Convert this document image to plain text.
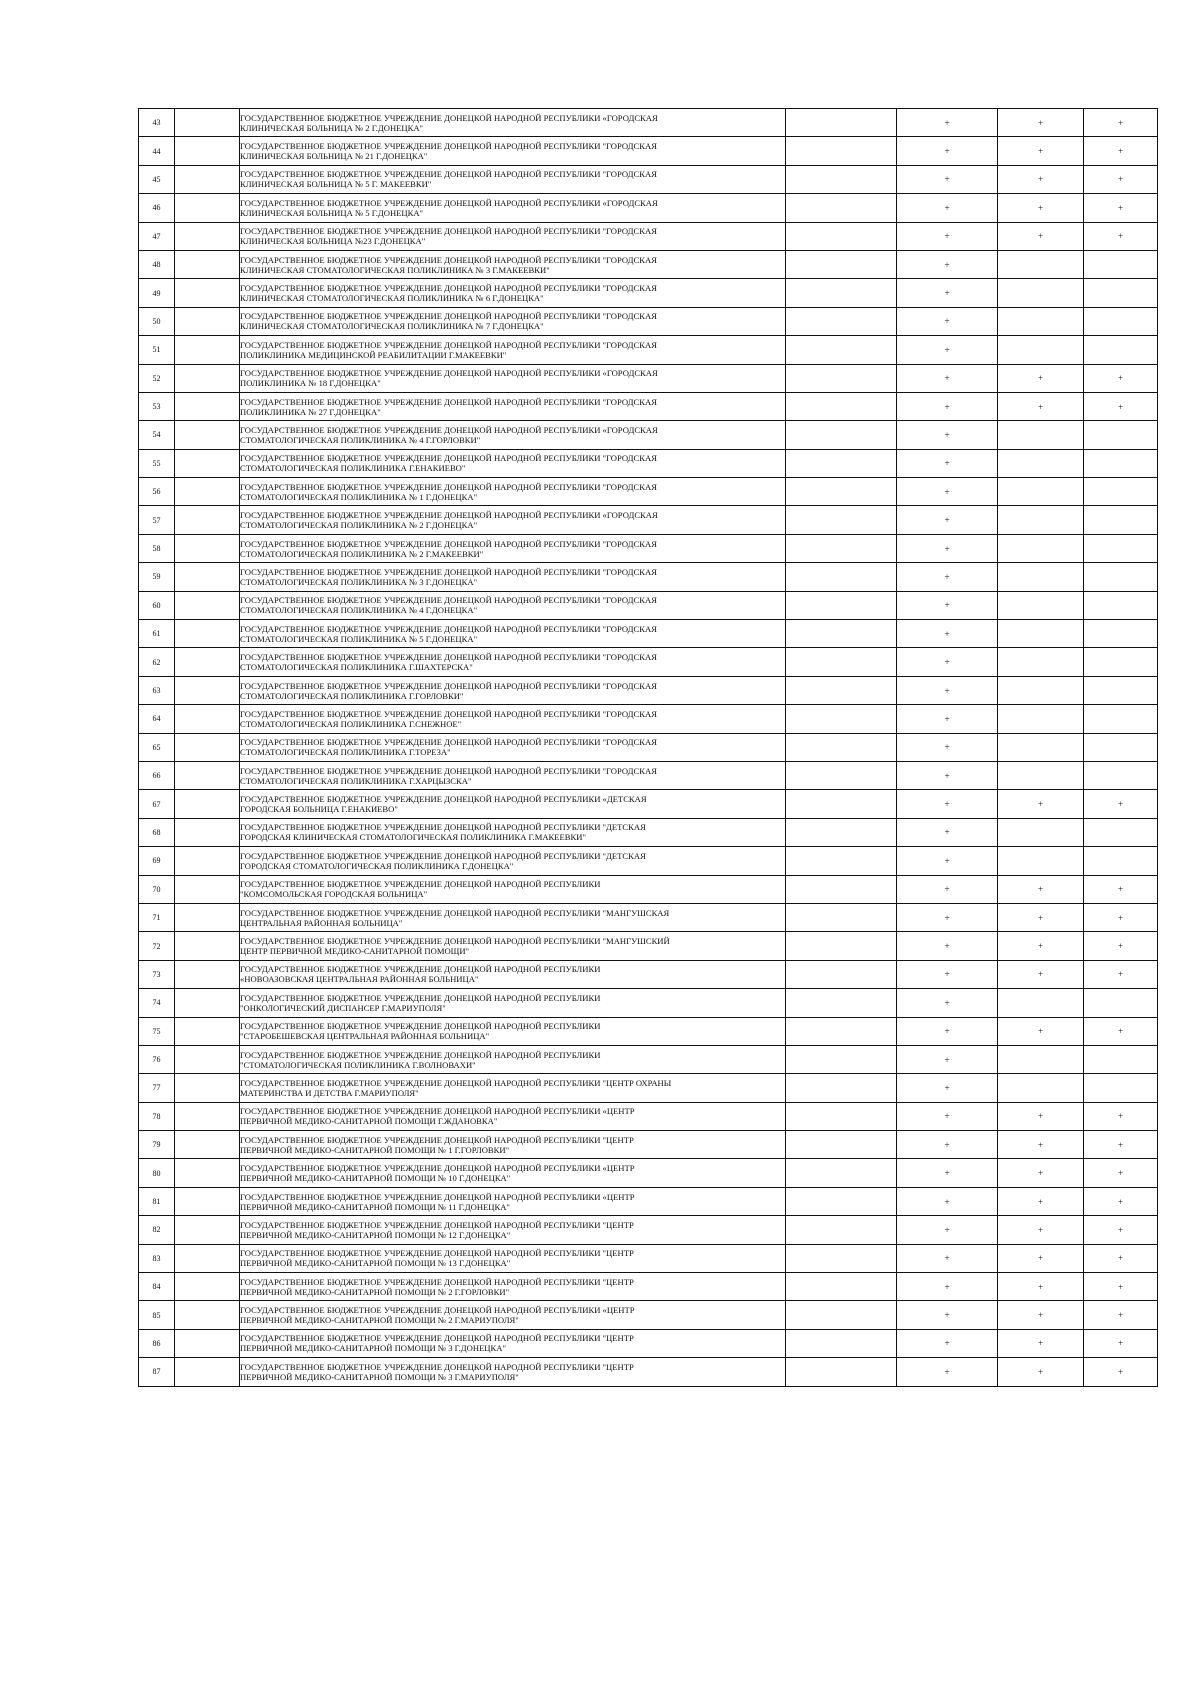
43		ГОСУДАРСТВЕННОЕ БЮДЖЕТНОЕ УЧРЕЖДЕНИЕ ДОНЕЦКОЙ НАРОДНОЙ РЕСПУБЛИКИ «ГОРОДСКАЯ
КЛИНИЧЕСКАЯ БОЛЬНИЦА № 2 Г.ДОНЕЦКА"		+	+	+
44		ГОСУДАРСТВЕННОЕ БЮДЖЕТНОЕ УЧРЕЖДЕНИЕ ДОНЕЦКОЙ НАРОДНОЙ РЕСПУБЛИКИ "ГОРОДСКАЯ
КЛИНИЧЕСКАЯ БОЛЬНИЦА № 21 Г.ДОНЕЦКА"		+	+	+
45		ГОСУДАРСТВЕННОЕ БЮДЖЕТНОЕ УЧРЕЖДЕНИЕ ДОНЕЦКОЙ НАРОДНОЙ РЕСПУБЛИКИ "ГОРОДСКАЯ
КЛИНИЧЕСКАЯ БОЛЬНИЦА № 5 Г. МАКЕЕВКИ"		+	+	+
46		ГОСУДАРСТВЕННОЕ БЮДЖЕТНОЕ УЧРЕЖДЕНИЕ ДОНЕЦКОЙ НАРОДНОЙ РЕСПУБЛИКИ «ГОРОДСКАЯ
КЛИНИЧЕСКАЯ БОЛЬНИЦА № 5 Г.ДОНЕЦКА"		+	+	+
47		ГОСУДАРСТВЕННОЕ БЮДЖЕТНОЕ УЧРЕЖДЕНИЕ ДОНЕЦКОЙ НАРОДНОЙ РЕСПУБЛИКИ "ГОРОДСКАЯ
КЛИНИЧЕСКАЯ БОЛЬНИЦА №23 Г.ДОНЕЦКА"		+	+	+
48		ГОСУДАРСТВЕННОЕ БЮДЖЕТНОЕ УЧРЕЖДЕНИЕ ДОНЕЦКОЙ НАРОДНОЙ РЕСПУБЛИКИ "ГОРОДСКАЯ
КЛИНИЧЕСКАЯ СТОМАТОЛОГИЧЕСКАЯ ПОЛИКЛИНИКА № 3 Г.МАКЕЕВКИ"		+		
49		ГОСУДАРСТВЕННОЕ БЮДЖЕТНОЕ УЧРЕЖДЕНИЕ ДОНЕЦКОЙ НАРОДНОЙ РЕСПУБЛИКИ "ГОРОДСКАЯ
КЛИНИЧЕСКАЯ СТОМАТОЛОГИЧЕСКАЯ ПОЛИКЛИНИКА № 6 Г.ДОНЕЦКА"		+		
50		ГОСУДАРСТВЕННОЕ БЮДЖЕТНОЕ УЧРЕЖДЕНИЕ ДОНЕЦКОЙ НАРОДНОЙ РЕСПУБЛИКИ "ГОРОДСКАЯ
КЛИНИЧЕСКАЯ СТОМАТОЛОГИЧЕСКАЯ ПОЛИКЛИНИКА № 7 Г.ДОНЕЦКА"		+		
51		ГОСУДАРСТВЕННОЕ БЮДЖЕТНОЕ УЧРЕЖДЕНИЕ ДОНЕЦКОЙ НАРОДНОЙ РЕСПУБЛИКИ "ГОРОДСКАЯ
ПОЛИКЛИНИКА МЕДИЦИНСКОЙ РЕАБИЛИТАЦИИ Г.МАКЕЕВКИ"		+		
52		ГОСУДАРСТВЕННОЕ БЮДЖЕТНОЕ УЧРЕЖДЕНИЕ ДОНЕЦКОЙ НАРОДНОЙ РЕСПУБЛИКИ «ГОРОДСКАЯ
ПОЛИКЛИНИКА № 18 Г.ДОНЕЦКА"		+	+	+
53		ГОСУДАРСТВЕННОЕ БЮДЖЕТНОЕ УЧРЕЖДЕНИЕ ДОНЕЦКОЙ НАРОДНОЙ РЕСПУБЛИКИ "ГОРОДСКАЯ
ПОЛИКЛИНИКА № 27 Г.ДОНЕЦКА"		+	+	+
54		ГОСУДАРСТВЕННОЕ БЮДЖЕТНОЕ УЧРЕЖДЕНИЕ ДОНЕЦКОЙ НАРОДНОЙ РЕСПУБЛИКИ «ГОРОДСКАЯ
СТОМАТОЛОГИЧЕСКАЯ ПОЛИКЛИНИКА № 4 Г.ГОРЛОВКИ"		+		
55		ГОСУДАРСТВЕННОЕ БЮДЖЕТНОЕ УЧРЕЖДЕНИЕ ДОНЕЦКОЙ НАРОДНОЙ РЕСПУБЛИКИ "ГОРОДСКАЯ
СТОМАТОЛОГИЧЕСКАЯ ПОЛИКЛИНИКА Г.ЕНАКИЕВО"		+		
56		ГОСУДАРСТВЕННОЕ БЮДЖЕТНОЕ УЧРЕЖДЕНИЕ ДОНЕЦКОЙ НАРОДНОЙ РЕСПУБЛИКИ "ГОРОДСКАЯ
СТОМАТОЛОГИЧЕСКАЯ ПОЛИКЛИНИКА № 1 Г.ДОНЕЦКА"		+		
57		ГОСУДАРСТВЕННОЕ БЮДЖЕТНОЕ УЧРЕЖДЕНИЕ ДОНЕЦКОЙ НАРОДНОЙ РЕСПУБЛИКИ «ГОРОДСКАЯ
СТОМАТОЛОГИЧЕСКАЯ ПОЛИКЛИНИКА № 2 Г.ДОНЕЦКА"		+		
58		ГОСУДАРСТВЕННОЕ БЮДЖЕТНОЕ УЧРЕЖДЕНИЕ ДОНЕЦКОЙ НАРОДНОЙ РЕСПУБЛИКИ "ГОРОДСКАЯ
СТОМАТОЛОГИЧЕСКАЯ ПОЛИКЛИНИКА № 2 Г.МАКЕЕВКИ"		+		
59		ГОСУДАРСТВЕННОЕ БЮДЖЕТНОЕ УЧРЕЖДЕНИЕ ДОНЕЦКОЙ НАРОДНОЙ РЕСПУБЛИКИ "ГОРОДСКАЯ
СТОМАТОЛОГИЧЕСКАЯ ПОЛИКЛИНИКА № 3 Г.ДОНЕЦКА"		+		
60		ГОСУДАРСТВЕННОЕ БЮДЖЕТНОЕ УЧРЕЖДЕНИЕ ДОНЕЦКОЙ НАРОДНОЙ РЕСПУБЛИКИ "ГОРОДСКАЯ
СТОМАТОЛОГИЧЕСКАЯ ПОЛИКЛИНИКА № 4 Г.ДОНЕЦКА"		+		
61		ГОСУДАРСТВЕННОЕ БЮДЖЕТНОЕ УЧРЕЖДЕНИЕ ДОНЕЦКОЙ НАРОДНОЙ РЕСПУБЛИКИ "ГОРОДСКАЯ
СТОМАТОЛОГИЧЕСКАЯ ПОЛИКЛИНИКА № 5 Г.ДОНЕЦКА"		+		
62		ГОСУДАРСТВЕННОЕ БЮДЖЕТНОЕ УЧРЕЖДЕНИЕ ДОНЕЦКОЙ НАРОДНОЙ РЕСПУБЛИКИ "ГОРОДСКАЯ
СТОМАТОЛОГИЧЕСКАЯ ПОЛИКЛИНИКА Г.ШАХТЕРСКА"		+		
63		ГОСУДАРСТВЕННОЕ БЮДЖЕТНОЕ УЧРЕЖДЕНИЕ ДОНЕЦКОЙ НАРОДНОЙ РЕСПУБЛИКИ "ГОРОДСКАЯ
СТОМАТОЛОГИЧЕСКАЯ ПОЛИКЛИНИКА Г.ГОРЛОВКИ"		+		
64		ГОСУДАРСТВЕННОЕ БЮДЖЕТНОЕ УЧРЕЖДЕНИЕ ДОНЕЦКОЙ НАРОДНОЙ РЕСПУБЛИКИ "ГОРОДСКАЯ
СТОМАТОЛОГИЧЕСКАЯ ПОЛИКЛИНИКА Г.СНЕЖНОЕ"		+		
65		ГОСУДАРСТВЕННОЕ БЮДЖЕТНОЕ УЧРЕЖДЕНИЕ ДОНЕЦКОЙ НАРОДНОЙ РЕСПУБЛИКИ "ГОРОДСКАЯ
СТОМАТОЛОГИЧЕСКАЯ ПОЛИКЛИНИКА Г.ТОРЕЗА"		+		
66		ГОСУДАРСТВЕННОЕ БЮДЖЕТНОЕ УЧРЕЖДЕНИЕ ДОНЕЦКОЙ НАРОДНОЙ РЕСПУБЛИКИ "ГОРОДСКАЯ
СТОМАТОЛОГИЧЕСКАЯ ПОЛИКЛИНИКА Г.ХАРЦЫЗСКА"		+		
67		ГОСУДАРСТВЕННОЕ БЮДЖЕТНОЕ УЧРЕЖДЕНИЕ ДОНЕЦКОЙ НАРОДНОЙ РЕСПУБЛИКИ «ДЕТСКАЯ
ГОРОДСКАЯ БОЛЬНИЦА Г.ЕНАКИЕВО"		+	+	+
68		ГОСУДАРСТВЕННОЕ БЮДЖЕТНОЕ УЧРЕЖДЕНИЕ ДОНЕЦКОЙ НАРОДНОЙ РЕСПУБЛИКИ "ДЕТСКАЯ
ГОРОДСКАЯ КЛИНИЧЕСКАЯ СТОМАТОЛОГИЧЕСКАЯ ПОЛИКЛИНИКА Г.МАКЕЕВКИ"		+		
69		ГОСУДАРСТВЕННОЕ БЮДЖЕТНОЕ УЧРЕЖДЕНИЕ ДОНЕЦКОЙ НАРОДНОЙ РЕСПУБЛИКИ "ДЕТСКАЯ
ГОРОДСКАЯ СТОМАТОЛОГИЧЕСКАЯ ПОЛИКЛИНИКА Г.ДОНЕЦКА"		+		
70		ГОСУДАРСТВЕННОЕ БЮДЖЕТНОЕ УЧРЕЖДЕНИЕ ДОНЕЦКОЙ НАРОДНОЙ РЕСПУБЛИКИ
"КОМСОМОЛЬСКАЯ ГОРОДСКАЯ БОЛЬНИЦА"		+	+	+
71		ГОСУДАРСТВЕННОЕ БЮДЖЕТНОЕ УЧРЕЖДЕНИЕ ДОНЕЦКОЙ НАРОДНОЙ РЕСПУБЛИКИ "МАНГУШСКАЯ
ЦЕНТРАЛЬНАЯ РАЙОННАЯ БОЛЬНИЦА"		+	+	+
72		ГОСУДАРСТВЕННОЕ БЮДЖЕТНОЕ УЧРЕЖДЕНИЕ ДОНЕЦКОЙ НАРОДНОЙ РЕСПУБЛИКИ "МАНГУШСКИЙ
ЦЕНТР ПЕРВИЧНОЙ МЕДИКО-САНИТАРНОЙ ПОМОЩИ"		+	+	+
73		ГОСУДАРСТВЕННОЕ БЮДЖЕТНОЕ УЧРЕЖДЕНИЕ ДОНЕЦКОЙ НАРОДНОЙ РЕСПУБЛИКИ
«НОВОАЗОВСКАЯ ЦЕНТРАЛЬНАЯ РАЙОННАЯ БОЛЬНИЦА"		+	+	+
74		ГОСУДАРСТВЕННОЕ БЮДЖЕТНОЕ УЧРЕЖДЕНИЕ ДОНЕЦКОЙ НАРОДНОЙ РЕСПУБЛИКИ
"ОНКОЛОГИЧЕСКИЙ ДИСПАНСЕР Г.МАРИУПОЛЯ"		+		
75		ГОСУДАРСТВЕННОЕ БЮДЖЕТНОЕ УЧРЕЖДЕНИЕ ДОНЕЦКОЙ НАРОДНОЙ РЕСПУБЛИКИ
"СТАРОБЕШЕВСКАЯ ЦЕНТРАЛЬНАЯ РАЙОННАЯ БОЛЬНИЦА"		+	+	+
76		ГОСУДАРСТВЕННОЕ БЮДЖЕТНОЕ УЧРЕЖДЕНИЕ ДОНЕЦКОЙ НАРОДНОЙ РЕСПУБЛИКИ
"СТОМАТОЛОГИЧЕСКАЯ ПОЛИКЛИНИКА Г.ВОЛНОВАХИ"		+		
77		ГОСУДАРСТВЕННОЕ БЮДЖЕТНОЕ УЧРЕЖДЕНИЕ ДОНЕЦКОЙ НАРОДНОЙ РЕСПУБЛИКИ "ЦЕНТР ОХРАНЫ
МАТЕРИНСТВА И ДЕТСТВА Г.МАРИУПОЛЯ"		+		
78		ГОСУДАРСТВЕННОЕ БЮДЖЕТНОЕ УЧРЕЖДЕНИЕ ДОНЕЦКОЙ НАРОДНОЙ РЕСПУБЛИКИ «ЦЕНТР
ПЕРВИЧНОЙ МЕДИКО-САНИТАРНОЙ ПОМОЩИ Г.ЖДАНОВКА"		+	+	+
79		ГОСУДАРСТВЕННОЕ БЮДЖЕТНОЕ УЧРЕЖДЕНИЕ ДОНЕЦКОЙ НАРОДНОЙ РЕСПУБЛИКИ "ЦЕНТР
ПЕРВИЧНОЙ МЕДИКО-САНИТАРНОЙ ПОМОЩИ № 1 Г.ГОРЛОВКИ"		+	+	+
80		ГОСУДАРСТВЕННОЕ БЮДЖЕТНОЕ УЧРЕЖДЕНИЕ ДОНЕЦКОЙ НАРОДНОЙ РЕСПУБЛИКИ «ЦЕНТР
ПЕРВИЧНОЙ МЕДИКО-САНИТАРНОЙ ПОМОЩИ № 10 Г.ДОНЕЦКА"		+	+	+
81		ГОСУДАРСТВЕННОЕ БЮДЖЕТНОЕ УЧРЕЖДЕНИЕ ДОНЕЦКОЙ НАРОДНОЙ РЕСПУБЛИКИ «ЦЕНТР
ПЕРВИЧНОЙ МЕДИКО-САНИТАРНОЙ ПОМОЩИ № 11 Г.ДОНЕЦКА"		+	+	+
82		ГОСУДАРСТВЕННОЕ БЮДЖЕТНОЕ УЧРЕЖДЕНИЕ ДОНЕЦКОЙ НАРОДНОЙ РЕСПУБЛИКИ "ЦЕНТР
ПЕРВИЧНОЙ МЕДИКО-САНИТАРНОЙ ПОМОЩИ № 12 Г.ДОНЕЦКА"		+	+	+
83		ГОСУДАРСТВЕННОЕ БЮДЖЕТНОЕ УЧРЕЖДЕНИЕ ДОНЕЦКОЙ НАРОДНОЙ РЕСПУБЛИКИ "ЦЕНТР
ПЕРВИЧНОЙ МЕДИКО-САНИТАРНОЙ ПОМОЩИ № 13 Г.ДОНЕЦКА"		+	+	+
84		ГОСУДАРСТВЕННОЕ БЮДЖЕТНОЕ УЧРЕЖДЕНИЕ ДОНЕЦКОЙ НАРОДНОЙ РЕСПУБЛИКИ "ЦЕНТР
ПЕРВИЧНОЙ МЕДИКО-САНИТАРНОЙ ПОМОЩИ № 2 Г.ГОРЛОВКИ"		+	+	+
85		ГОСУДАРСТВЕННОЕ БЮДЖЕТНОЕ УЧРЕЖДЕНИЕ ДОНЕЦКОЙ НАРОДНОЙ РЕСПУБЛИКИ «ЦЕНТР
ПЕРВИЧНОЙ МЕДИКО-САНИТАРНОЙ ПОМОЩИ № 2 Г.МАРИУПОЛЯ"		+	+	+
86		ГОСУДАРСТВЕННОЕ БЮДЖЕТНОЕ УЧРЕЖДЕНИЕ ДОНЕЦКОЙ НАРОДНОЙ РЕСПУБЛИКИ "ЦЕНТР
ПЕРВИЧНОЙ МЕДИКО-САНИТАРНОЙ ПОМОЩИ № 3 Г.ДОНЕЦКА"		+	+	+
87		ГОСУДАРСТВЕННОЕ БЮДЖЕТНОЕ УЧРЕЖДЕНИЕ ДОНЕЦКОЙ НАРОДНОЙ РЕСПУБЛИКИ "ЦЕНТР
ПЕРВИЧНОЙ МЕДИКО-САНИТАРНОЙ ПОМОЩИ № 3 Г.МАРИУПОЛЯ"		+	+	+
